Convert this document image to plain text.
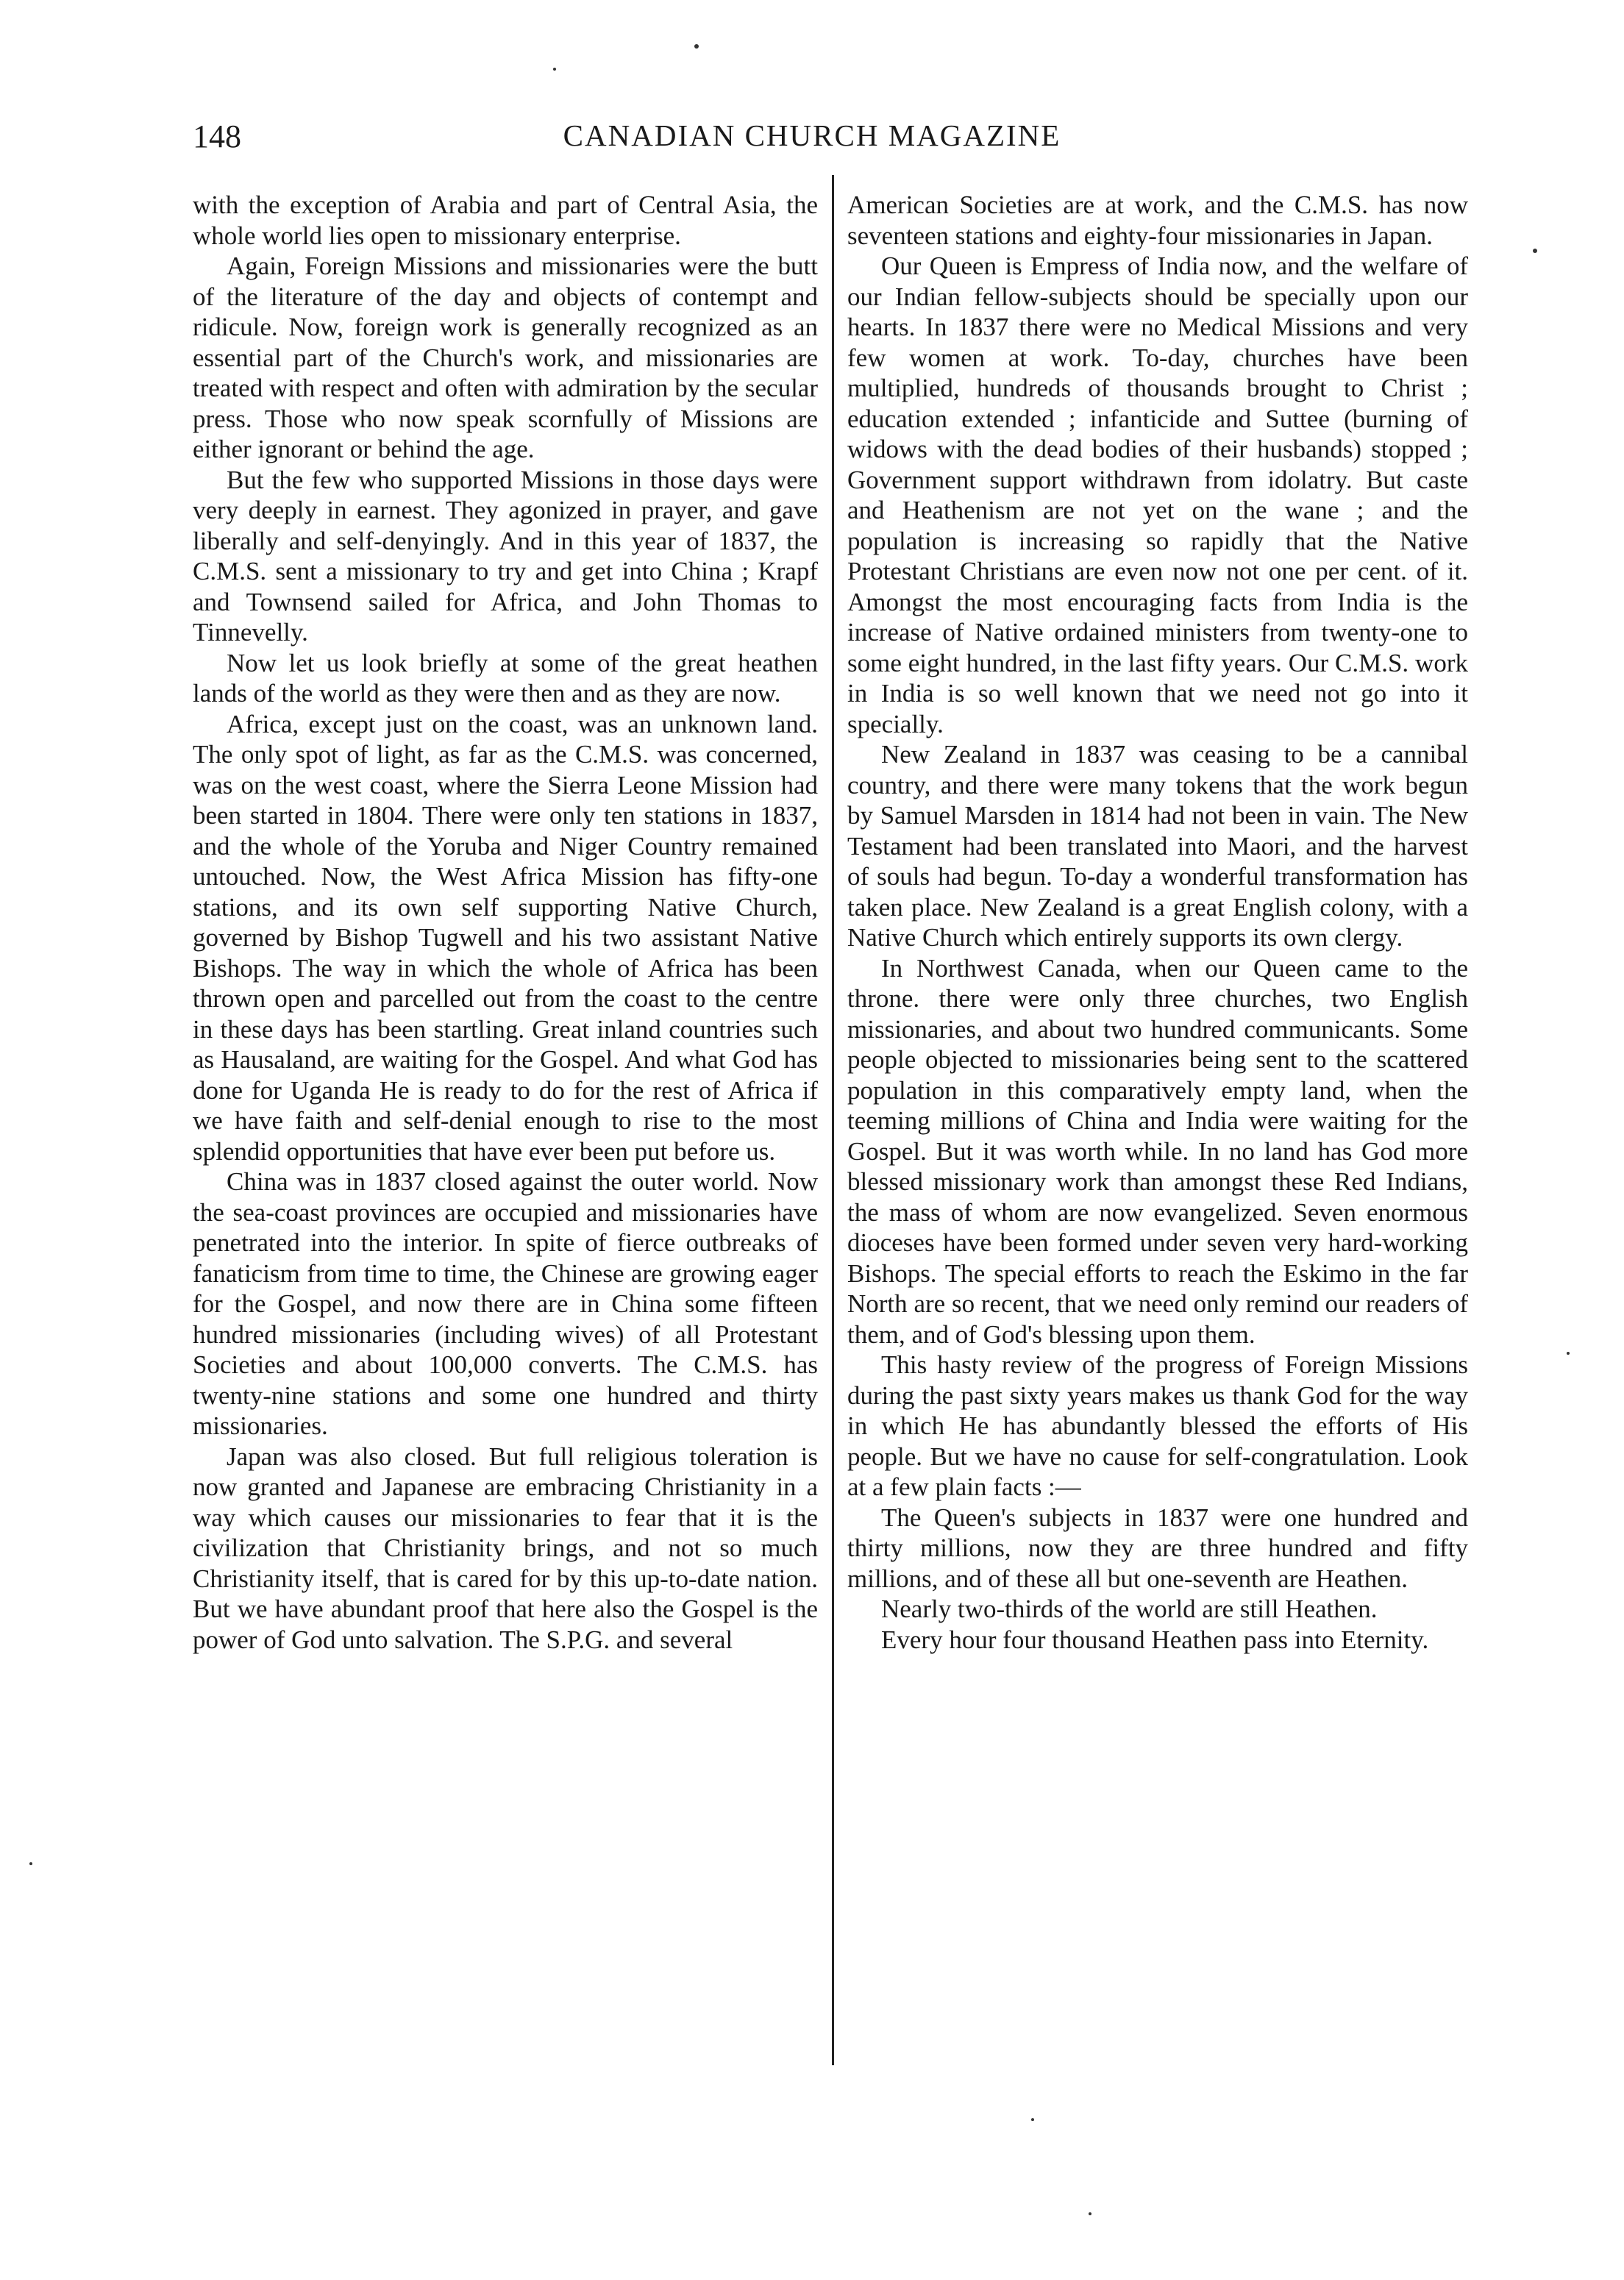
148	CANADIAN CHURCH MAGAZINE

with the exception of Arabia and part of Central Asia, the whole world lies open to missionary enterprise.

Again, Foreign Missions and missionaries were the butt of the literature of the day and objects of contempt and ridicule. Now, foreign work is generally recognized as an essential part of the Church's work, and missionaries are treated with respect and often with admiration by the secular press. Those who now speak scornfully of Missions are either ignorant or behind the age.

But the few who supported Missions in those days were very deeply in earnest. They agonized in prayer, and gave liberally and self-denyingly. And in this year of 1837, the C.M.S. sent a missionary to try and get into China ; Krapf and Townsend sailed for Africa, and John Thomas to Tinnevelly.

Now let us look briefly at some of the great heathen lands of the world as they were then and as they are now.

Africa, except just on the coast, was an unknown land. The only spot of light, as far as the C.M.S. was concerned, was on the west coast, where the Sierra Leone Mission had been started in 1804. There were only ten stations in 1837, and the whole of the Yoruba and Niger Country remained untouched. Now, the West Africa Mission has fifty-one stations, and its own self supporting Native Church, governed by Bishop Tugwell and his two assistant Native Bishops. The way in which the whole of Africa has been thrown open and parcelled out from the coast to the centre in these days has been startling. Great inland countries such as Hausaland, are waiting for the Gospel. And what God has done for Uganda He is ready to do for the rest of Africa if we have faith and self-denial enough to rise to the most splendid opportunities that have ever been put before us.

China was in 1837 closed against the outer world. Now the sea-coast provinces are occupied and missionaries have penetrated into the interior. In spite of fierce outbreaks of fanaticism from time to time, the Chinese are growing eager for the Gospel, and now there are in China some fifteen hundred missionaries (including wives) of all Protestant Societies and about 100,000 converts. The C.M.S. has twenty-nine stations and some one hundred and thirty missionaries.

Japan was also closed. But full religious toleration is now granted and Japanese are embracing Christianity in a way which causes our missionaries to fear that it is the civilization that Christianity brings, and not so much Christianity itself, that is cared for by this up-to-date nation. But we have abundant proof that here also the Gospel is the power of God unto salvation. The S.P.G. and several

American Societies are at work, and the C.M.S. has now seventeen stations and eighty-four missionaries in Japan.

Our Queen is Empress of India now, and the welfare of our Indian fellow-subjects should be specially upon our hearts. In 1837 there were no Medical Missions and very few women at work. To-day, churches have been multiplied, hundreds of thousands brought to Christ ; education extended ; infanticide and Suttee (burning of widows with the dead bodies of their husbands) stopped ; Government support withdrawn from idolatry. But caste and Heathenism are not yet on the wane ; and the population is increasing so rapidly that the Native Protestant Christians are even now not one per cent. of it. Amongst the most encouraging facts from India is the increase of Native ordained ministers from twenty-one to some eight hundred, in the last fifty years. Our C.M.S. work in India is so well known that we need not go into it specially.

New Zealand in 1837 was ceasing to be a cannibal country, and there were many tokens that the work begun by Samuel Marsden in 1814 had not been in vain. The New Testament had been translated into Maori, and the harvest of souls had begun. To-day a wonderful transformation has taken place. New Zealand is a great English colony, with a Native Church which entirely supports its own clergy.

In Northwest Canada, when our Queen came to the throne. there were only three churches, two English missionaries, and about two hundred communicants. Some people objected to missionaries being sent to the scattered population in this comparatively empty land, when the teeming millions of China and India were waiting for the Gospel. But it was worth while. In no land has God more blessed missionary work than amongst these Red Indians, the mass of whom are now evangelized. Seven enormous dioceses have been formed under seven very hard-working Bishops. The special efforts to reach the Eskimo in the far North are so recent, that we need only remind our readers of them, and of God's blessing upon them.

This hasty review of the progress of Foreign Missions during the past sixty years makes us thank God for the way in which He has abundantly blessed the efforts of His people. But we have no cause for self-congratulation. Look at a few plain facts :—

The Queen's subjects in 1837 were one hundred and thirty millions, now they are three hundred and fifty millions, and of these all but one-seventh are Heathen.

Nearly two-thirds of the world are still Heathen.

Every hour four thousand Heathen pass into Eternity.
